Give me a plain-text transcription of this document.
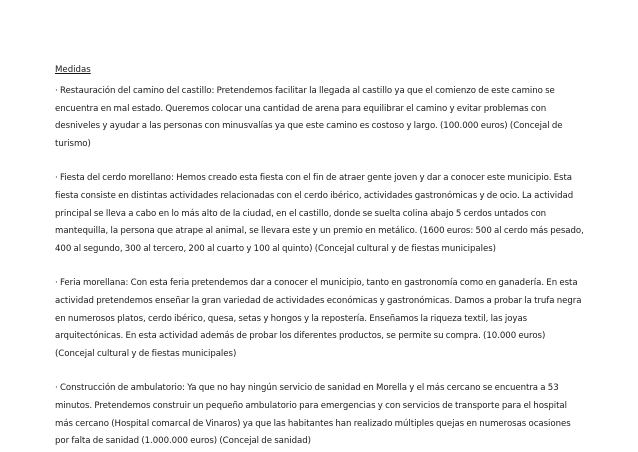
Medidas

· Restauración del camino del castillo: Pretendemos facilitar la llegada al castillo ya que el comienzo de este camino se encuentra en mal estado. Queremos colocar una cantidad de arena para equilibrar el camino y evitar problemas con desniveles y ayudar a las personas con minusvalías ya que este camino es costoso y largo. (100.000 euros) (Concejal de turismo)

· Fiesta del cerdo morellano: Hemos creado esta fiesta con el fin de atraer gente joven y dar a conocer este municipio. Esta fiesta consiste en distintas actividades relacionadas con el cerdo ibérico, actividades gastronómicas y de ocio. La actividad principal se lleva a cabo en lo más alto de la ciudad, en el castillo, donde se suelta colina abajo 5 cerdos untados con mantequilla, la persona que atrape al animal, se llevara este y un premio en metálico. (1600 euros: 500 al cerdo más pesado, 400 al segundo, 300 al tercero, 200 al cuarto y 100 al quinto) (Concejal cultural y de fiestas municipales)

· Feria morellana: Con esta feria pretendemos dar a conocer el municipio, tanto en gastronomía como en ganadería. En esta actividad pretendemos enseñar la gran variedad de actividades económicas y gastronómicas. Damos a probar la trufa negra en numerosos platos, cerdo ibérico, quesa, setas y hongos y la repostería. Enseñamos la riqueza textil, las joyas arquitectónicas. En esta actividad además de probar los diferentes productos, se permite su compra. (10.000 euros) (Concejal cultural y de fiestas municipales)

· Construcción de ambulatorio: Ya que no hay ningún servicio de sanidad en Morella y el más cercano se encuentra a 53 minutos. Pretendemos construir un pequeño ambulatorio para emergencias y con servicios de transporte para el hospital más cercano (Hospital comarcal de Vinaros) ya que las habitantes han realizado múltiples quejas en numerosas ocasiones por falta de sanidad (1.000.000 euros) (Concejal de sanidad)
